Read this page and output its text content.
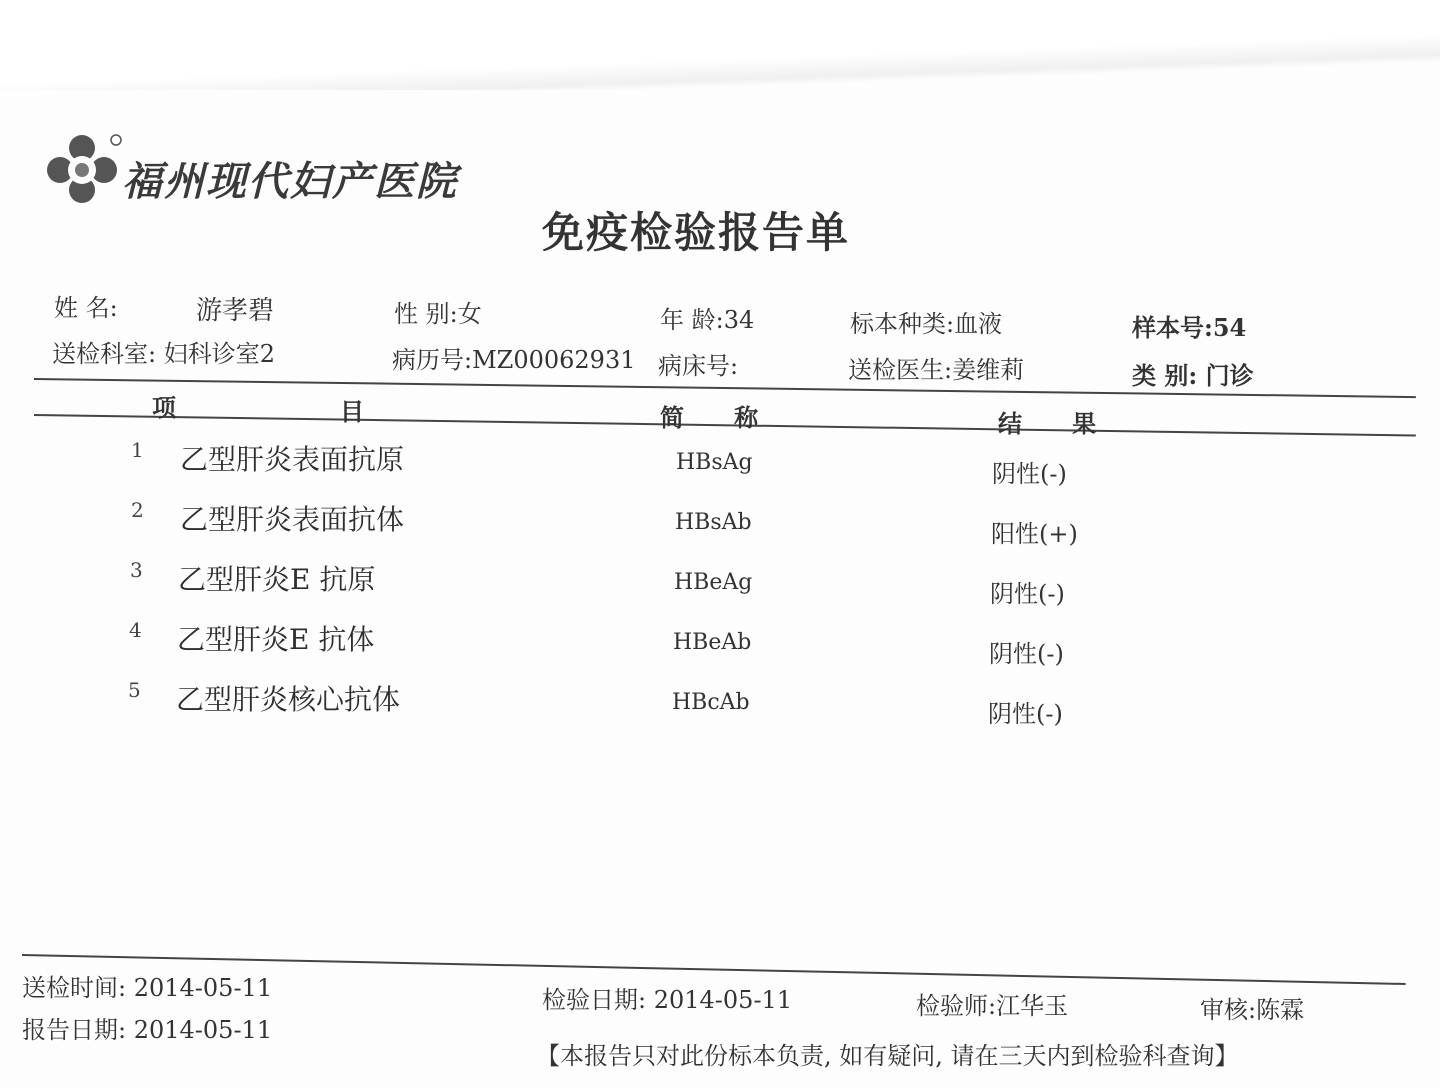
福州现代妇产医院
免疫检验报告单
姓 名:	游孝碧	性 别:女	年 龄:34	标本种类:血液	样本号:54
送检科室: 妇科诊室2	病历号:MZ00062931 病床号:	送检医生:姜维莉	类 别: 门诊
项	目	简      称	结      果
1 乙型肝炎表面抗原	HBsAg	阴性(-)
2 乙型肝炎表面抗体	HBsAb	阳性(+)
3 乙型肝炎E 抗原	HBeAg	阴性(-)
4 乙型肝炎E 抗体	HBeAb	阴性(-)
5 乙型肝炎核心抗体	HBcAb	阴性(-)
送检时间: 2014-05-11
报告日期: 2014-05-11
检验日期: 2014-05-11	检验师:江华玉	审核:陈霖
【本报告只对此份标本负责, 如有疑问, 请在三天内到检验科查询】
